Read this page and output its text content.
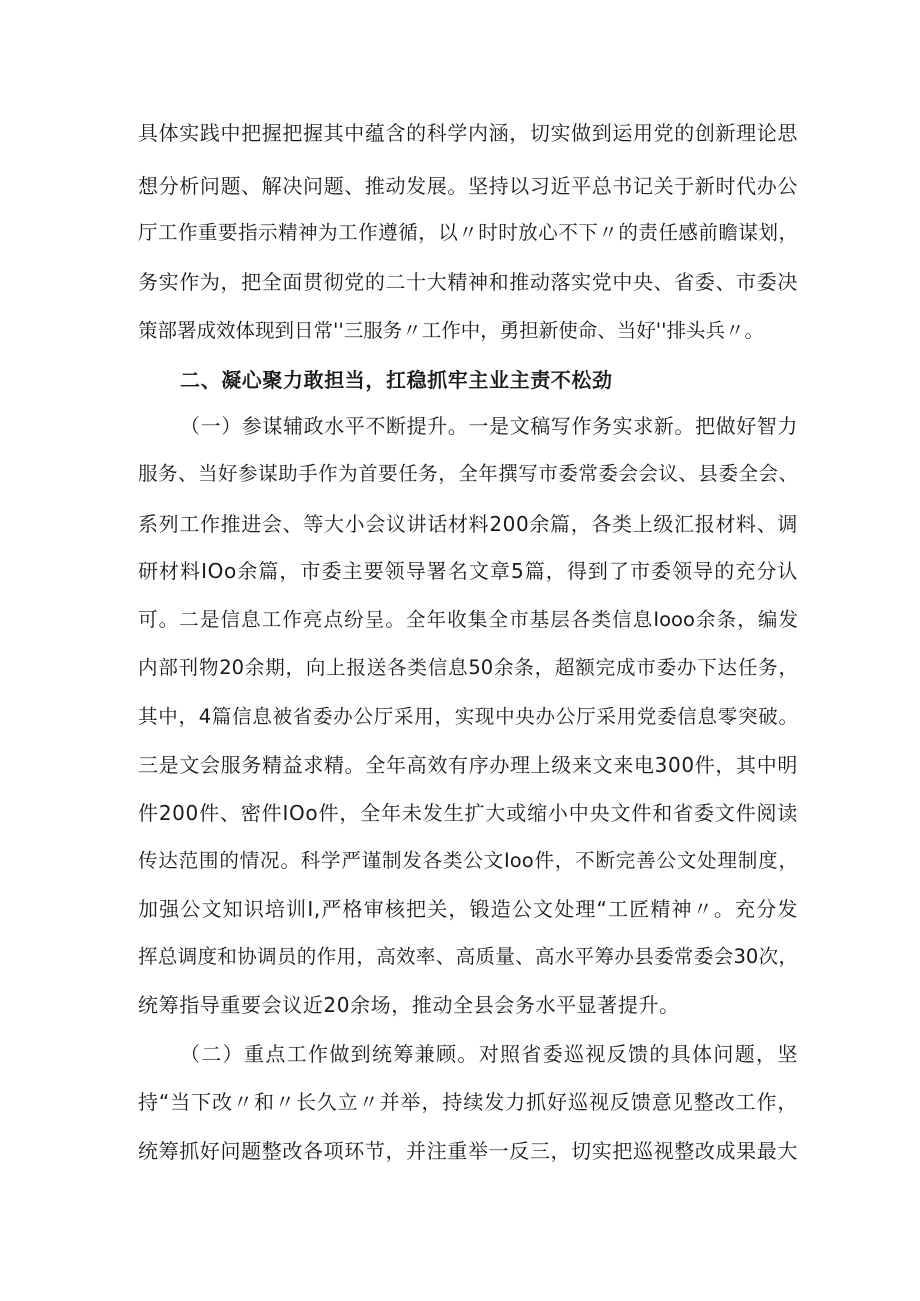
具体实践中把握把握其中蕴含的科学内涵，切实做到运用党的创新理论思
想分析问题、解决问题、推动发展。坚持以习近平总书记关于新时代办公
厅工作重要指示精神为工作遵循，以〃时时放心不下〃的责任感前瞻谋划，
务实作为，把全面贯彻党的二十大精神和推动落实党中央、省委、市委决
策部署成效体现到日常''三服务〃工作中，勇担新使命、当好''排头兵〃。
二、凝心聚力敢担当，扛稳抓牢主业主责不松劲
（一）参谋辅政水平不断提升。一是文稿写作务实求新。把做好智力
服务、当好参谋助手作为首要任务，全年撰写市委常委会会议、县委全会、
系列工作推进会、等大小会议讲话材料200余篇，各类上级汇报材料、调
研材料IOo余篇，市委主要领导署名文章5篇，得到了市委领导的充分认
可。二是信息工作亮点纷呈。全年收集全市基层各类信息Iooo余条，编发
内部刊物20余期，向上报送各类信息50余条，超额完成市委办下达任务，
其中，4篇信息被省委办公厅采用，实现中央办公厅采用党委信息零突破。
三是文会服务精益求精。全年高效有序办理上级来文来电300件，其中明
件200件、密件IOo件，全年未发生扩大或缩小中央文件和省委文件阅读
传达范围的情况。科学严谨制发各类公文Ioo件，不断完善公文处理制度，
加强公文知识培训I,严格审核把关，锻造公文处理“工匠精神〃。充分发
挥总调度和协调员的作用，高效率、高质量、高水平筹办县委常委会30次，
统筹指导重要会议近20余场，推动全县会务水平显著提升。
（二）重点工作做到统筹兼顾。对照省委巡视反馈的具体问题，坚
持“当下改〃和〃长久立〃并举，持续发力抓好巡视反馈意见整改工作，
统筹抓好问题整改各项环节，并注重举一反三，切实把巡视整改成果最大
